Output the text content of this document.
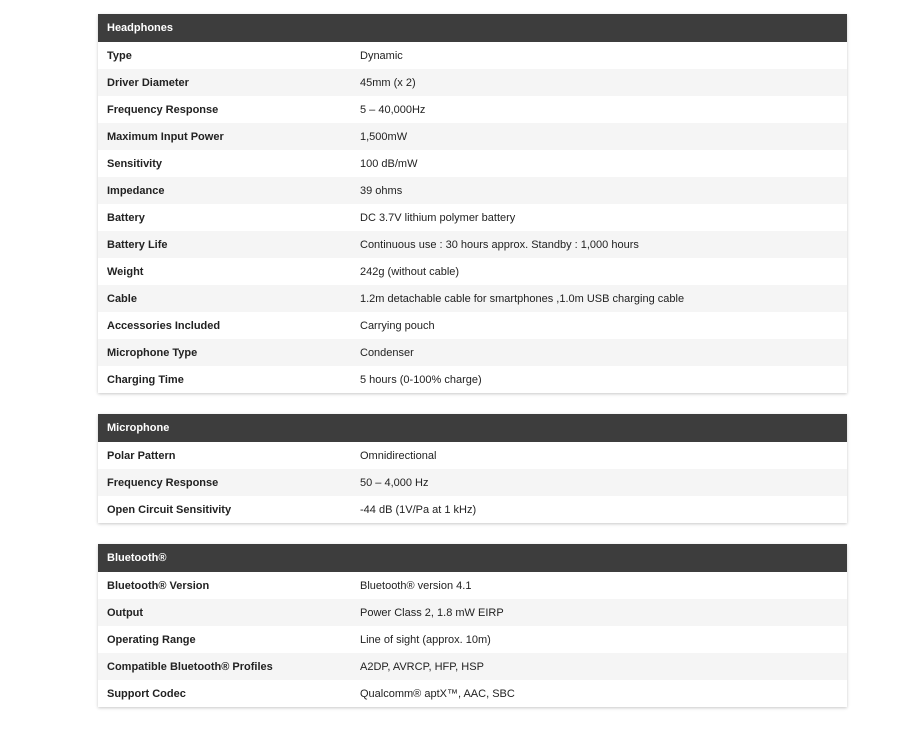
Headphones
Type	Dynamic
Driver Diameter	45mm (x 2)
Frequency Response	5 – 40,000Hz
Maximum Input Power	1,500mW
Sensitivity	100 dB/mW
Impedance	39 ohms
Battery	DC 3.7V lithium polymer battery
Battery Life	Continuous use : 30 hours approx. Standby : 1,000 hours
Weight	242g (without cable)
Cable	1.2m detachable cable for smartphones ,1.0m USB charging cable
Accessories Included	Carrying pouch
Microphone Type	Condenser
Charging Time	5 hours (0-100% charge)
Microphone
Polar Pattern	Omnidirectional
Frequency Response	50 – 4,000 Hz
Open Circuit Sensitivity	-44 dB (1V/Pa at 1 kHz)
Bluetooth®
Bluetooth® Version	Bluetooth® version 4.1
Output	Power Class 2, 1.8 mW EIRP
Operating Range	Line of sight (approx. 10m)
Compatible Bluetooth® Profiles	A2DP, AVRCP, HFP, HSP
Support Codec	Qualcomm® aptX™, AAC, SBC
